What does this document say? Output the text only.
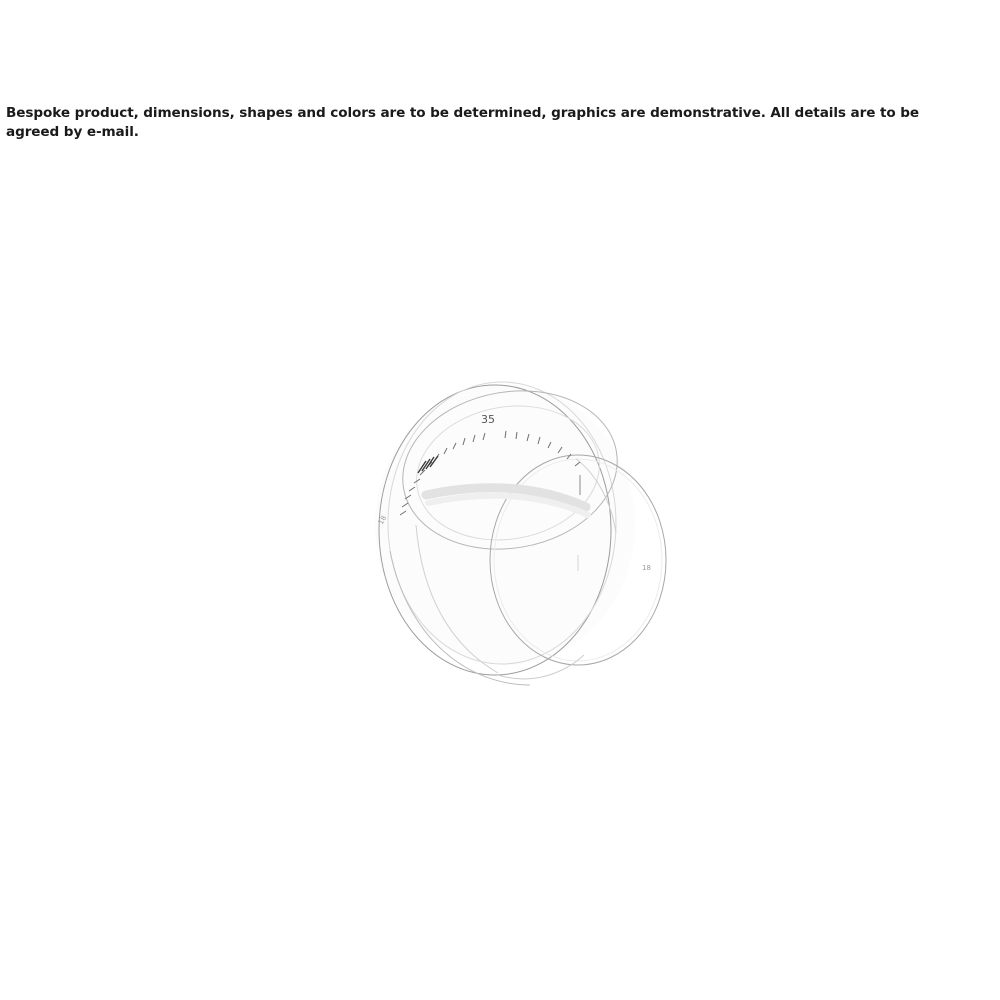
Bespoke product, dimensions, shapes and colors are to be determined, graphics are demonstrative. All details are to be agreed by e-mail.
35
18
18
